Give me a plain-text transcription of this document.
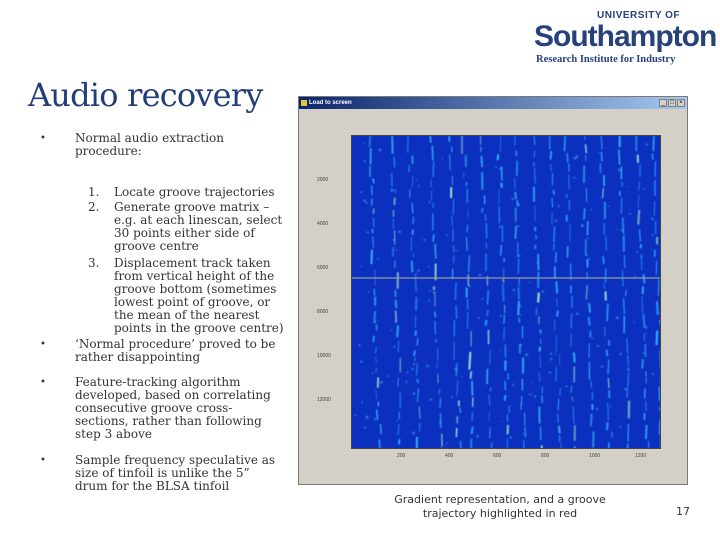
UNIVERSITY OF
Southampton
Research Institute for Industry
Audio recovery
• Normal audio extraction procedure:
1. Locate groove trajectories
2. Generate groove matrix – e.g. at each linescan, select 30 points either side of groove centre
3. Displacement track taken from vertical height of the groove bottom (sometimes lowest point of groove, or the mean of the nearest points in the groove centre)
• ‘Normal procedure’ proved to be rather disappointing
• Feature-tracking algorithm developed, based on correlating consecutive groove cross-sections, rather than following step 3 above
• Sample frequency speculative as size of tinfoil is unlike the 5” drum for the BLSA tinfoil
Load to screen	_ □ ×
2000
4000
6000
8000
10000
12000
200	400	600	800	1000	1200
Gradient representation, and a groove trajectory highlighted in red	17
